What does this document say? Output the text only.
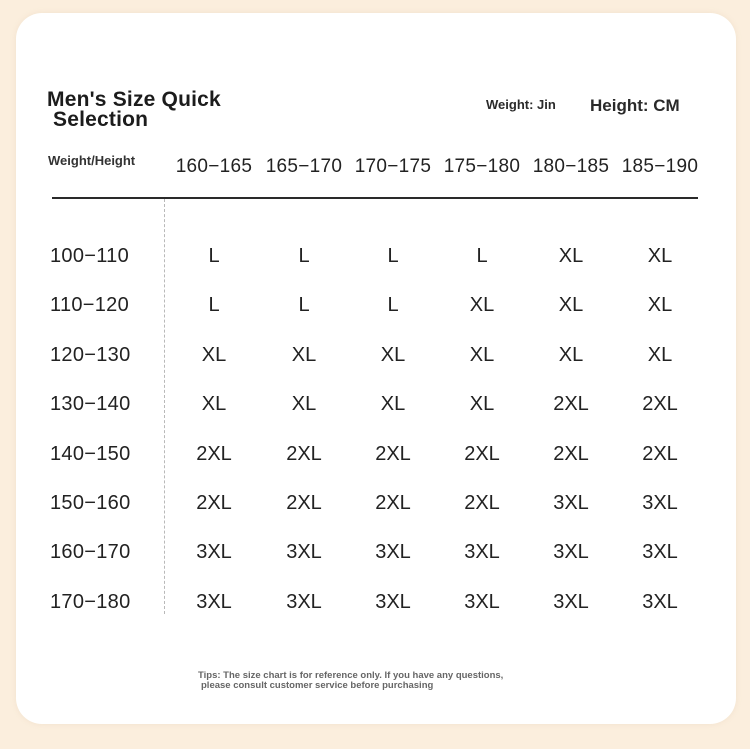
Men's Size Quick
Selection
Weight: Jin Height: CM
Weight/Height	160−165 165−170 170−175 175−180 180−185 185−190
100−110	L	L	L	L	XL	XL
110−120	L	L	L	XL	XL	XL
120−130	XL	XL	XL	XL	XL	XL
130−140	XL	XL	XL	XL	2XL	2XL
140−150	2XL	2XL	2XL	2XL	2XL	2XL
150−160	2XL	2XL	2XL	2XL	3XL	3XL
160−170	3XL	3XL	3XL	3XL	3XL	3XL
170−180	3XL	3XL	3XL	3XL	3XL	3XL
Tips: The size chart is for reference only. If you have any questions,
please consult customer service before purchasing
